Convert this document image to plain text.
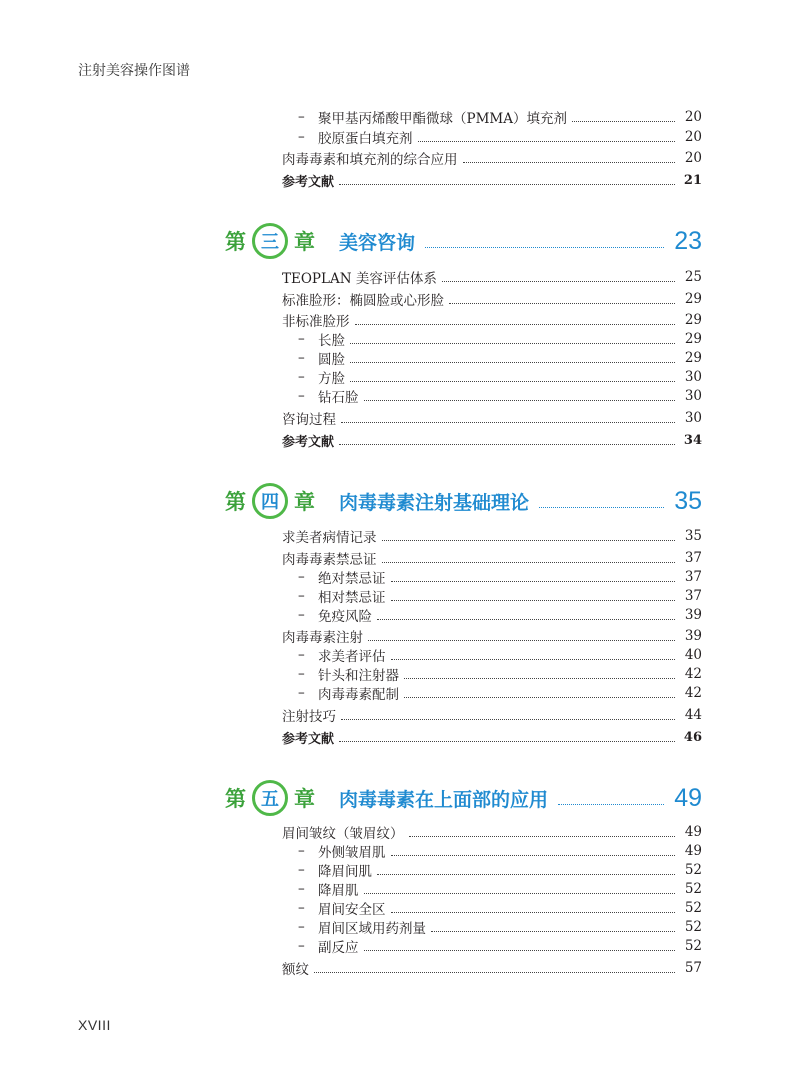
注射美容操作图谱
– 聚甲基丙烯酸甲酯微球（PMMA）填充剂	20
– 胶原蛋白填充剂	20
肉毒毒素和填充剂的综合应用	20
参考文献	21
第 三 章 美容咨询	23
TEOPLAN 美容评估体系	25
标准脸形：椭圆脸或心形脸	29
非标准脸形	29
– 长脸	29
– 圆脸	29
– 方脸	30
– 钻石脸	30
咨询过程	30
参考文献	34
第 四 章 肉毒毒素注射基础理论	35
求美者病情记录	35
肉毒毒素禁忌证	37
– 绝对禁忌证	37
– 相对禁忌证	37
– 免疫风险	39
肉毒毒素注射	39
– 求美者评估	40
– 针头和注射器	42
– 肉毒毒素配制	42
注射技巧	44
参考文献	46
第 五 章 肉毒毒素在上面部的应用	49
眉间皱纹（皱眉纹）	49
– 外侧皱眉肌	49
– 降眉间肌	52
– 降眉肌	52
– 眉间安全区	52
– 眉间区域用药剂量	52
– 副反应	52
额纹	57
XVIII
